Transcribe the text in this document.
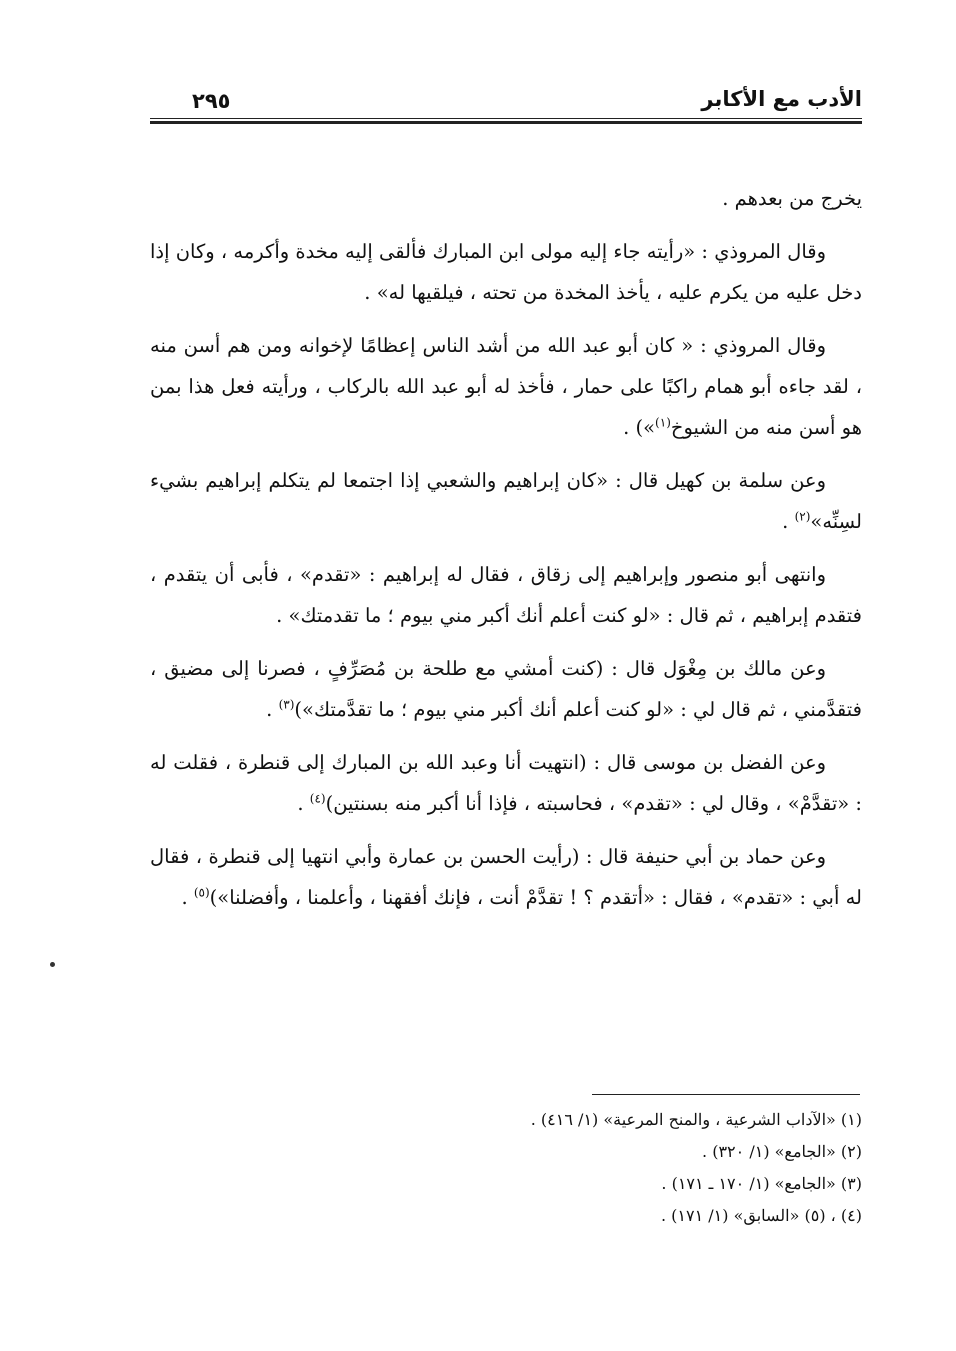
الأدب مع الأكابر
٢٩٥

يخرج من بعدهم .

وقال المروذي : «رأيته جاء إليه مولى ابن المبارك فألقى إليه مخدة وأكرمه ، وكان إذا دخل عليه من يكرم عليه ، يأخذ المخدة من تحته ، فيلقيها له» .

وقال المروذي : « كان أبو عبد الله من أشد الناس إعظامًا لإخوانه ومن هم أسن منه ، لقد جاءه أبو همام راكبًا على حمار ، فأخذ له أبو عبد الله بالركاب ، ورأيته فعل هذا بمن هو أسن منه من الشيوخ$^{(١)}$») .

وعن سلمة بن كهيل قال : «كان إبراهيم والشعبي إذا اجتمعا لم يتكلم إبراهيم بشيء لسِنِّه»$^{(٢)}$ .

وانتهى أبو منصور وإبراهيم إلى زقاق ، فقال له إبراهيم : «تقدم» ، فأبى أن يتقدم ، فتقدم إبراهيم ، ثم قال : «لو كنت أعلم أنك أكبر مني بيوم ؛ ما تقدمتك» .

وعن مالك بن مِغْوَل قال : (كنت أمشي مع طلحة بن مُصَرِّفٍ ، فصرنا إلى مضيق ، فتقدَّمني ، ثم قال لي : «لو كنت أعلم أنك أكبر مني بيوم ؛ ما تقدَّمتك»)$^{(٣)}$ .

وعن الفضل بن موسى قال : (انتهيت أنا وعبد الله بن المبارك إلى قنطرة ، فقلت له : «تقدَّمْ» ، وقال لي : «تقدم» ، فحاسبته ، فإذا أنا أكبر منه بسنتين)$^{(٤)}$ .

وعن حماد بن أبي حنيفة قال : (رأيت الحسن بن عمارة وأبي انتهيا إلى قنطرة ، فقال له أبي : «تقدم» ، فقال : «أتقدم ؟ ! تقدَّمْ أنت ، فإنك أفقهنا ، وأعلمنا ، وأفضلنا»)$^{(٥)}$ .

(١) «الآداب الشرعية ، والمنح المرعية» (١/ ٤١٦) .
(٢) «الجامع» (١/ ٣٢٠) .
(٣) «الجامع» (١/ ١٧٠ ـ ١٧١) .
(٤) ، (٥) «السابق» (١/ ١٧١) .
